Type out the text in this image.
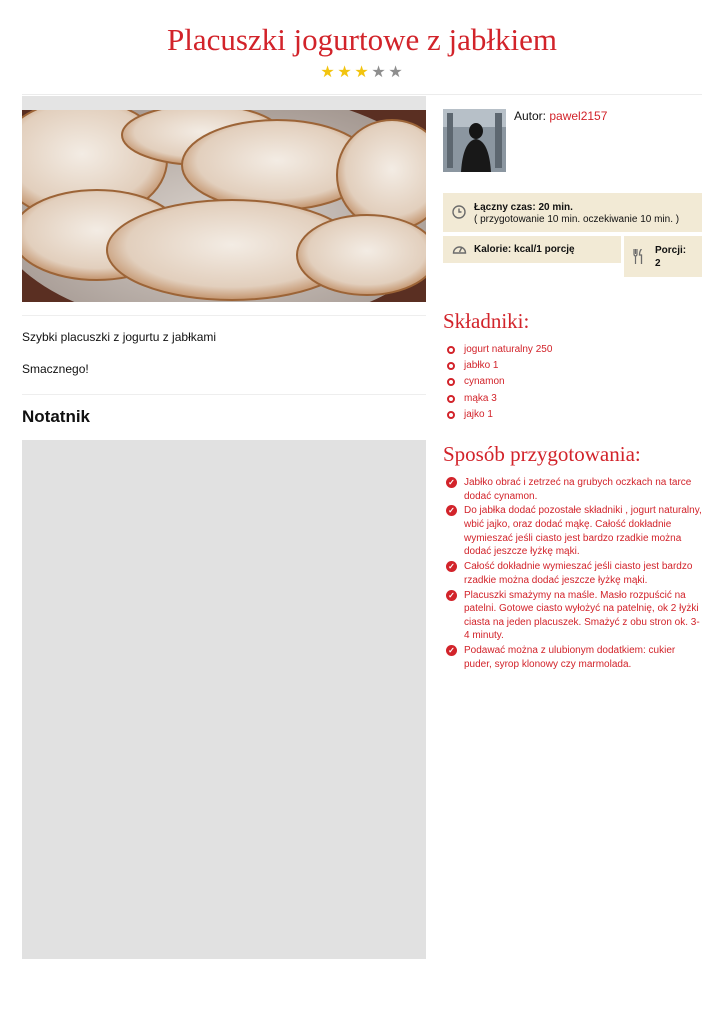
Placuszki jogurtowe z jabłkiem
★ ★ ★ ★ ★

Szybki placuszki z jogurtu z jabłkami

Smacznego!

Notatnik
Autor: pawel2157
Łączny czas: 20 min.
( przygotowanie 10 min. oczekiwanie 10 min. )
Kalorie: kcal/1 porcję	Porcji:
2
Składniki:
jogurt naturalny 250
jabłko 1
cynamon
mąka 3
jajko 1
Sposób przygotowania:
✓ Jabłko obrać i zetrzeć na grubych oczkach na tarce dodać cynamon.
✓ Do jabłka dodać pozostałe składniki , jogurt naturalny, wbić jajko, oraz dodać mąkę. Całość dokładnie wymieszać jeśli ciasto jest bardzo rzadkie można dodać jeszcze łyżkę mąki.
✓ Całość dokładnie wymieszać jeśli ciasto jest bardzo rzadkie można dodać jeszcze łyżkę mąki.
✓ Placuszki smażymy na maśle. Masło rozpuścić na patelni. Gotowe ciasto wyłożyć na patelnię, ok 2 łyżki ciasta na jeden placuszek. Smażyć z obu stron ok. 3-4 minuty.
✓ Podawać można z ulubionym dodatkiem: cukier puder, syrop klonowy czy marmolada.
